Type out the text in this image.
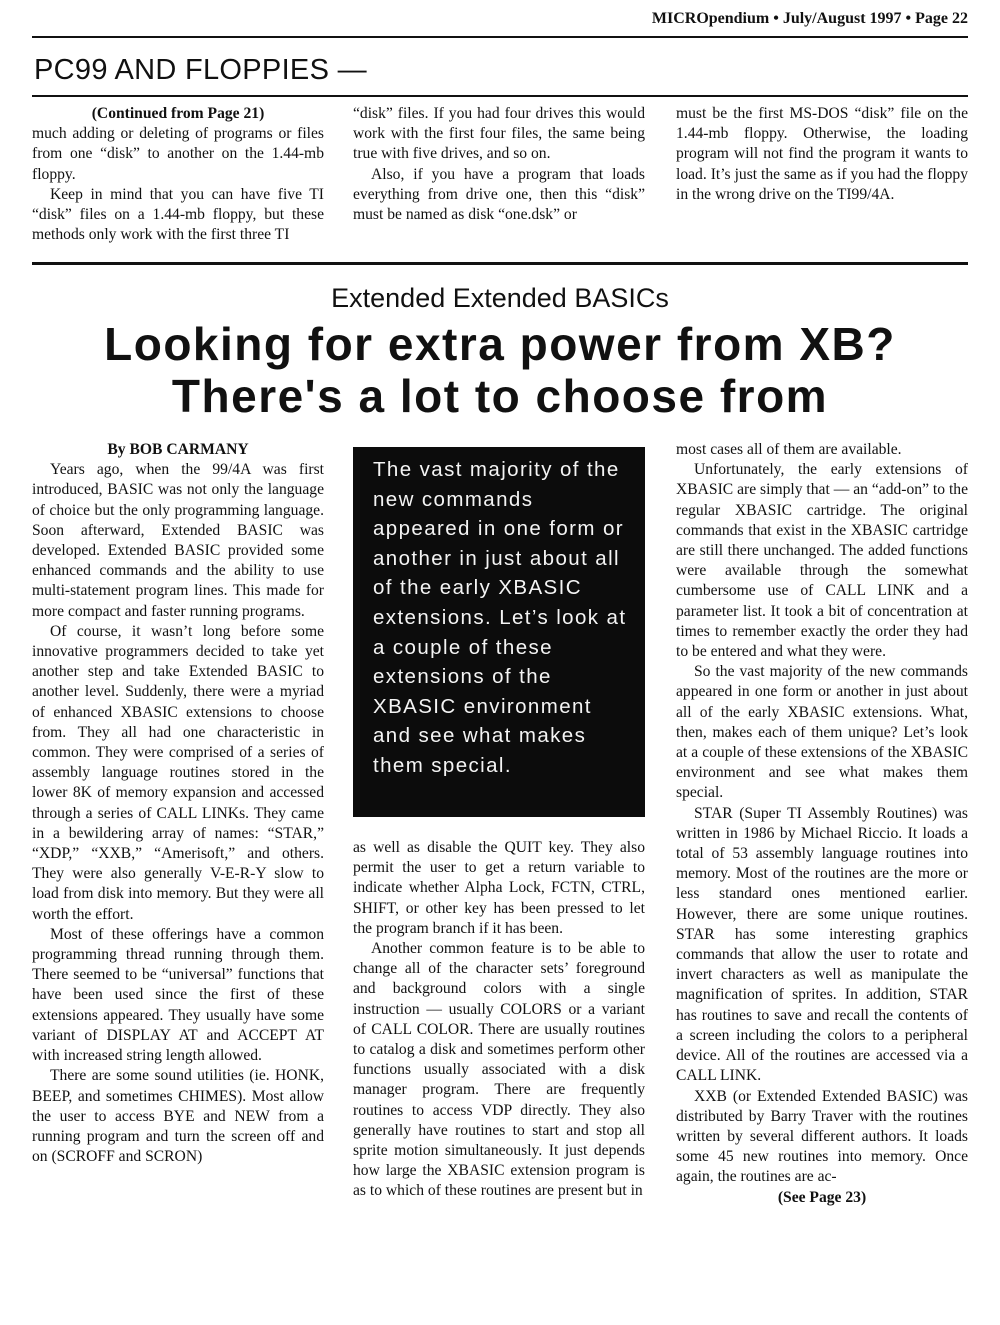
MICROpendium • July/August 1997 • Page 22
PC99 AND FLOPPIES —

(Continued from Page 21)

much adding or deleting of programs or files from one “disk” to another on the 1.44-mb floppy.

Keep in mind that you can have five TI “disk” files on a 1.44-mb floppy, but these methods only work with the first three TI

“disk” files. If you had four drives this would work with the first four files, the same being true with five drives, and so on.

Also, if you have a program that loads everything from drive one, then this “disk” must be named as disk “one.dsk” or

must be the first MS-DOS “disk” file on the 1.44-mb floppy. Otherwise, the loading program will not find the program it wants to load. It’s just the same as if you had the floppy in the wrong drive on the TI99/4A.

Extended Extended BASICs
Looking for extra power from XB?
There's a lot to choose from

By BOB CARMANY

Years ago, when the 99/4A was first introduced, BASIC was not only the language of choice but the only programming language. Soon afterward, Extended BASIC was developed. Extended BASIC provided some enhanced commands and the ability to use multi-statement program lines. This made for more compact and faster running programs.

Of course, it wasn’t long before some innovative programmers decided to take yet another step and take Extended BASIC to another level. Suddenly, there were a myriad of enhanced XBASIC extensions to choose from. They all had one characteristic in common. They were comprised of a series of assembly language routines stored in the lower 8K of memory expansion and accessed through a series of CALL LINKs. They came in a bewildering array of names: “STAR,” “XDP,” “XXB,” “Amerisoft,” and others. They were also generally V-E-R-Y slow to load from disk into memory. But they were all worth the effort.

Most of these offerings have a common programming thread running through them. There seemed to be “universal” functions that have been used since the first of these extensions appeared. They usually have some variant of DISPLAY AT and ACCEPT AT with increased string length allowed.

There are some sound utilities (ie. HONK, BEEP, and sometimes CHIMES). Most allow the user to access BYE and NEW from a running program and turn the screen off and on (SCROFF and SCRON)

The vast majority of the new commands appeared in one form or another in just about all of the early XBASIC extensions. Let’s look at a couple of these extensions of the XBASIC environment and see what makes them special.

as well as disable the QUIT key. They also permit the user to get a return variable to indicate whether Alpha Lock, FCTN, CTRL, SHIFT, or other key has been pressed to let the program branch if it has been.

Another common feature is to be able to change all of the character sets’ foreground and background colors with a single instruction — usually COLORS or a variant of CALL COLOR. There are usually routines to catalog a disk and sometimes perform other functions usually associated with a disk manager program. There are frequently routines to access VDP directly. They also generally have routines to start and stop all sprite motion simultaneously. It just depends how large the XBASIC extension program is as to which of these routines are present but in

most cases all of them are available.

Unfortunately, the early extensions of XBASIC are simply that — an “add-on” to the regular XBASIC cartridge. The original commands that exist in the XBASIC cartridge are still there unchanged. The added functions were available through the somewhat cumbersome use of CALL LINK and a parameter list. It took a bit of concentration at times to remember exactly the order they had to be entered and what they were.

So the vast majority of the new commands appeared in one form or another in just about all of the early XBASIC extensions. What, then, makes each of them unique? Let’s look at a couple of these extensions of the XBASIC environment and see what makes them special.

STAR (Super TI Assembly Routines) was written in 1986 by Michael Riccio. It loads a total of 53 assembly language routines into memory. Most of the routines are the more or less standard ones mentioned earlier. However, there are some unique routines. STAR has some interesting graphics commands that allow the user to rotate and invert characters as well as manipulate the magnification of sprites. In addition, STAR has routines to save and recall the contents of a screen including the colors to a peripheral device. All of the routines are accessed via a CALL LINK.

XXB (or Extended Extended BASIC) was distributed by Barry Traver with the routines written by several different authors. It loads some 45 new routines into memory. Once again, the routines are ac-

(See Page 23)
